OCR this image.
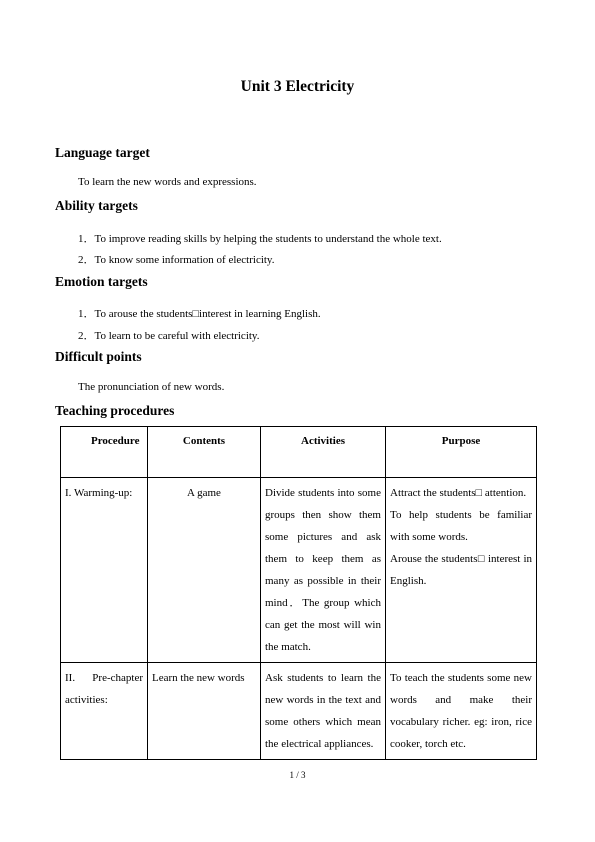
Unit 3 Electricity
Language target
To learn the new words and expressions.
Ability targets
1．To improve reading skills by helping the students to understand the whole text.
2．To know some information of electricity.
Emotion targets
1．To arouse the students□interest in learning English.
2．To learn to be careful with electricity.
Difficult points
The pronunciation of new words.
Teaching procedures
Procedure	Contents	Activities	Purpose
I. Warming-up:	A game	Divide students into some groups then show them some pictures and ask them to keep them as many as possible in their mind．The group which can get the most will win the match.	Attract the students□ attention.
To help students be familiar with some words.
Arouse the students□ interest in English.

II. Pre-chapter activities:	Learn the new words	Ask students to learn the new words in the text and some others which mean the electrical appliances.	To teach the students some new words and make their vocabulary richer. eg: iron, rice cooker, torch etc.
1 / 3
